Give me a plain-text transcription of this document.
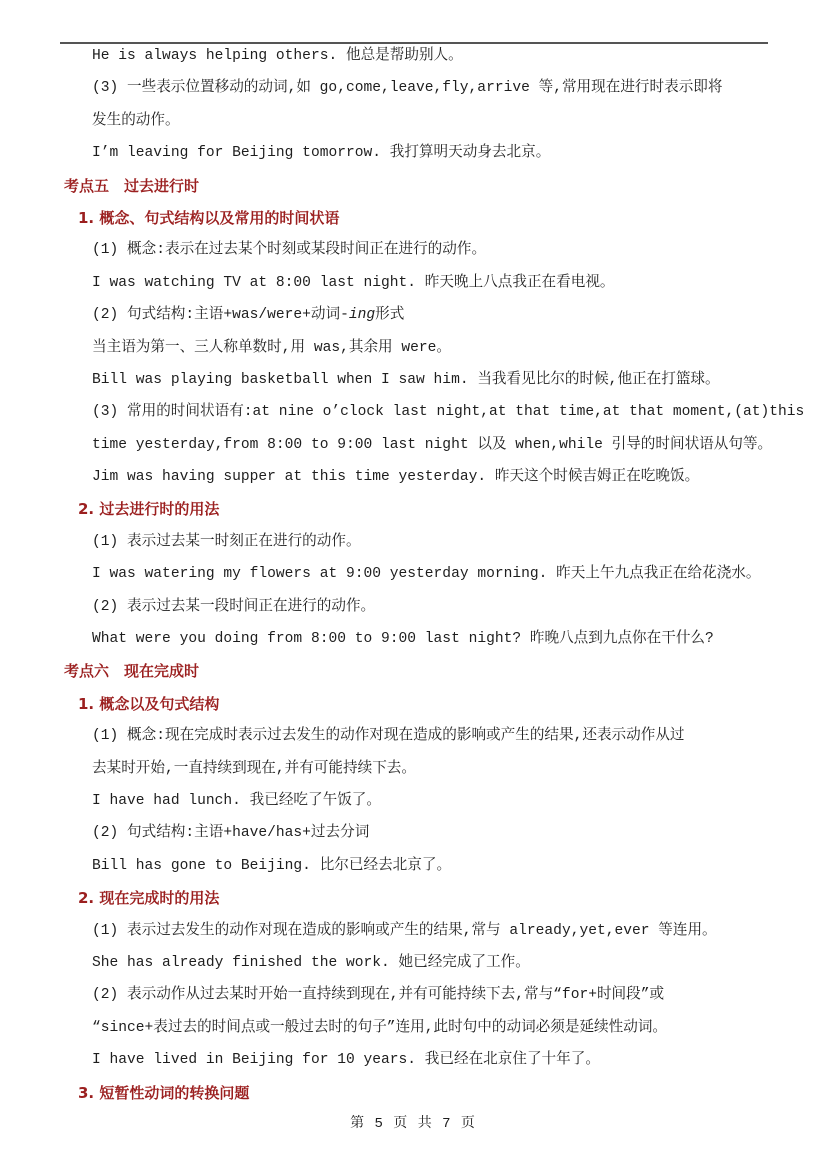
He is always helping others. 他总是帮助别人。
(3) 一些表示位置移动的动词,如 go,come,leave,fly,arrive 等,常用现在进行时表示即将
发生的动作。
I’m leaving for Beijing tomorrow. 我打算明天动身去北京。
考点五　过去进行时
1. 概念、句式结构以及常用的时间状语
(1) 概念:表示在过去某个时刻或某段时间正在进行的动作。
I was watching TV at 8:00 last night. 昨天晚上八点我正在看电视。
(2) 句式结构:主语+was/were+动词-ing形式
当主语为第一、三人称单数时,用 was,其余用 were。
Bill was playing basketball when I saw him. 当我看见比尔的时候,他正在打篮球。
(3) 常用的时间状语有:at nine o’clock last night,at that time,at that moment,(at)this
time yesterday,from 8:00 to 9:00 last night 以及 when,while 引导的时间状语从句等。
Jim was having supper at this time yesterday. 昨天这个时候吉姆正在吃晚饭。
2. 过去进行时的用法
(1) 表示过去某一时刻正在进行的动作。
I was watering my flowers at 9:00 yesterday morning. 昨天上午九点我正在给花浇水。
(2) 表示过去某一段时间正在进行的动作。
What were you doing from 8:00 to 9:00 last night? 昨晚八点到九点你在干什么?
考点六　现在完成时
1. 概念以及句式结构
(1) 概念:现在完成时表示过去发生的动作对现在造成的影响或产生的结果,还表示动作从过
去某时开始,一直持续到现在,并有可能持续下去。
I have had lunch. 我已经吃了午饭了。
(2) 句式结构:主语+have/has+过去分词
Bill has gone to Beijing. 比尔已经去北京了。
2. 现在完成时的用法
(1) 表示过去发生的动作对现在造成的影响或产生的结果,常与 already,yet,ever 等连用。
She has already finished the work. 她已经完成了工作。
(2) 表示动作从过去某时开始一直持续到现在,并有可能持续下去,常与“for+时间段”或
“since+表过去的时间点或一般过去时的句子”连用,此时句中的动词必须是延续性动词。
I have lived in Beijing for 10 years. 我已经在北京住了十年了。
3. 短暂性动词的转换问题
第 5 页 共 7 页
